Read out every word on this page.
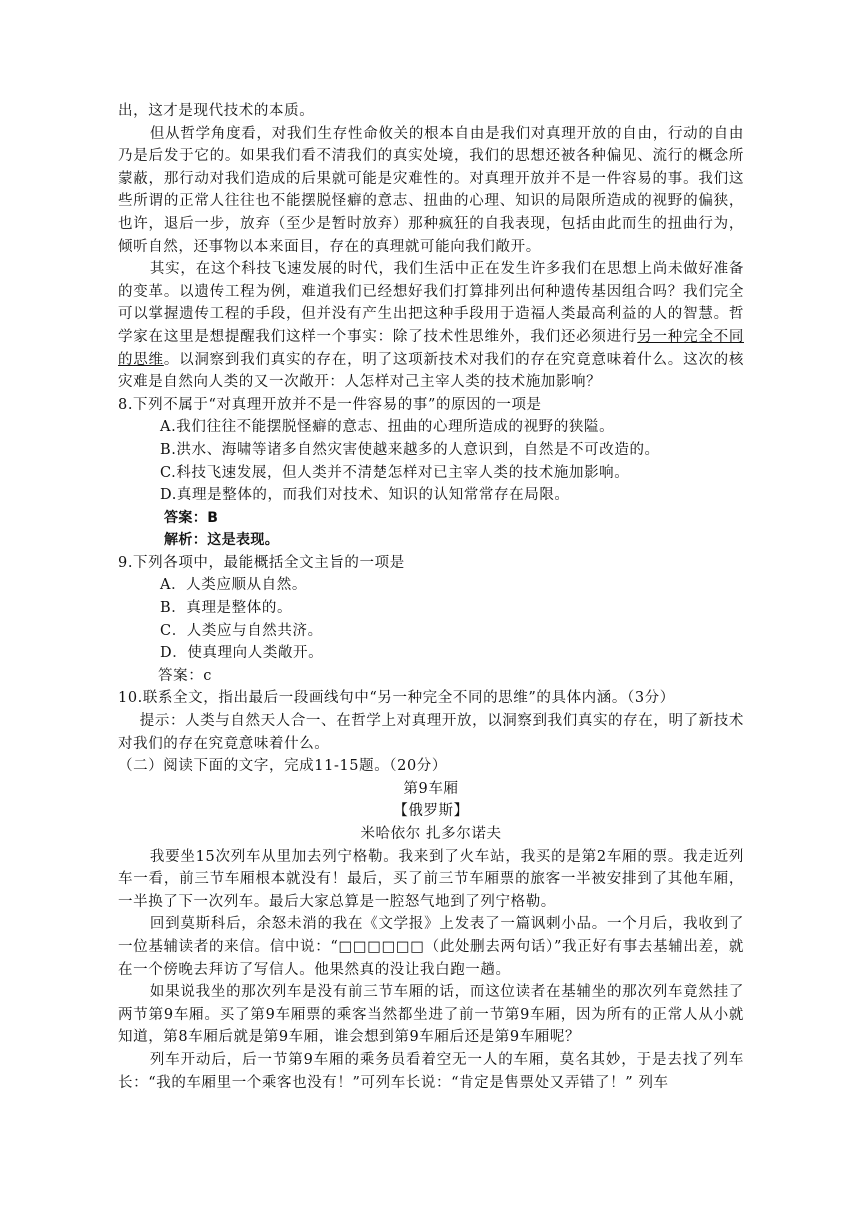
出，这才是现代技术的本质。

但从哲学角度看，对我们生存性命攸关的根本自由是我们对真理开放的自由，行动的自由乃是后发于它的。如果我们看不清我们的真实处境，我们的思想还被各种偏见、流行的概念所蒙蔽，那行动对我们造成的后果就可能是灾难性的。对真理开放并不是一件容易的事。我们这些所谓的正常人往往也不能摆脱怪癖的意志、扭曲的心理、知识的局限所造成的视野的偏狭，也许，退后一步，放弃（至少是暂时放弃）那种疯狂的自我表现，包括由此而生的扭曲行为，倾听自然，还事物以本来面目，存在的真理就可能向我们敞开。

其实，在这个科技飞速发展的时代，我们生活中正在发生许多我们在思想上尚未做好准备的变革。以遗传工程为例，难道我们已经想好我们打算排列出何种遗传基因组合吗？我们完全可以掌握遗传工程的手段，但并没有产生出把这种手段用于造福人类最高利益的人的智慧。哲学家在这里是想提醒我们这样一个事实：除了技术性思维外，我们还必须进行另一种完全不同的思维。以洞察到我们真实的存在，明了这项新技术对我们的存在究竟意味着什么。这次的核灾难是自然向人类的又一次敞开：人怎样对己主宰人类的技术施加影响？

8.下列不属于“对真理开放并不是一件容易的事”的原因的一项是

A.我们往往不能摆脱怪癖的意志、扭曲的心理所造成的视野的狭隘。

B.洪水、海啸等诸多自然灾害使越来越多的人意识到，自然是不可改造的。

C.科技飞速发展，但人类并不清楚怎样对已主宰人类的技术施加影响。

D.真理是整体的，而我们对技术、知识的认知常常存在局限。

答案：B

解析：这是表现。

9.下列各项中，最能概括全文主旨的一项是

A．人类应顺从自然。

B．真理是整体的。

C．人类应与自然共济。

D．使真理向人类敞开。

答案：c

10.联系全文，指出最后一段画线句中“另一种完全不同的思维”的具体内涵。（3分）

提示：人类与自然天人合一、在哲学上对真理开放，以洞察到我们真实的存在，明了新技术对我们的存在究竟意味着什么。

（二）阅读下面的文字，完成11-15题。（20分）

第9车厢

【俄罗斯】

米哈依尔 扎多尔诺夫

我要坐15次列车从里加去列宁格勒。我来到了火车站，我买的是第2车厢的票。我走近列车一看，前三节车厢根本就没有！最后，买了前三节车厢票的旅客一半被安排到了其他车厢，一半换了下一次列车。最后大家总算是一腔怒气地到了列宁格勒。

回到莫斯科后，余怒未消的我在《文学报》上发表了一篇讽刺小品。一个月后，我收到了一位基辅读者的来信。信中说：“□□□□□□（此处删去两句话）”我正好有事去基辅出差，就在一个傍晚去拜访了写信人。他果然真的没让我白跑一趟。

如果说我坐的那次列车是没有前三节车厢的话，而这位读者在基辅坐的那次列车竟然挂了两节第9车厢。买了第9车厢票的乘客当然都坐进了前一节第9车厢，因为所有的正常人从小就知道，第8车厢后就是第9车厢，谁会想到第9车厢后还是第9车厢呢？

列车开动后，后一节第9车厢的乘务员看着空无一人的车厢，莫名其妙，于是去找了列车长：“我的车厢里一个乘客也没有！”可列车长说：“肯定是售票处又弄错了！” 列车
